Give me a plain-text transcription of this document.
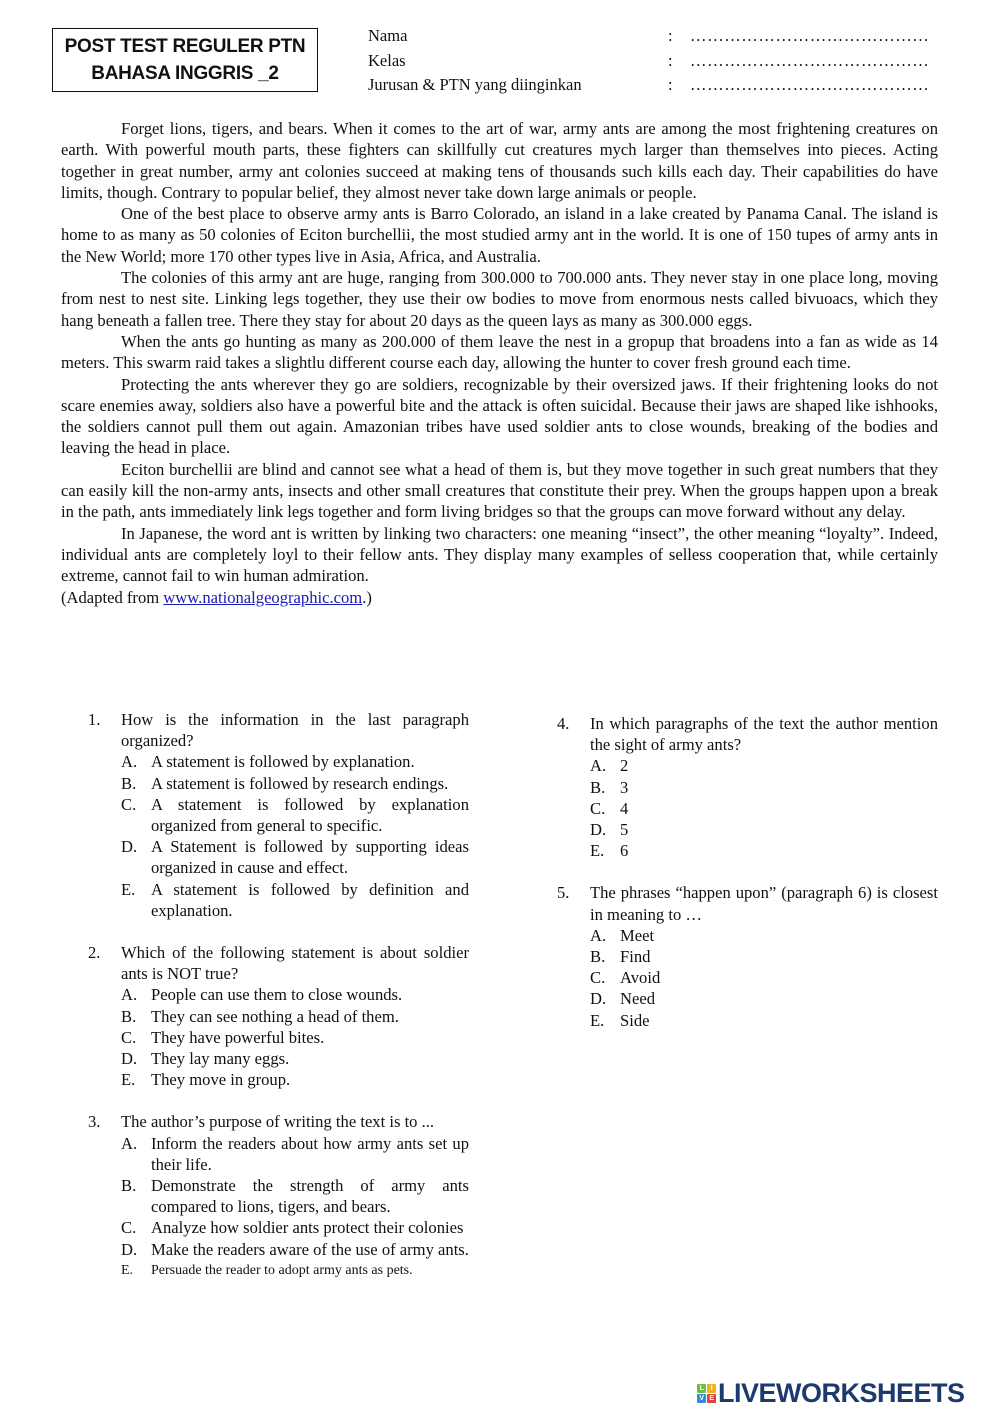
POST TEST REGULER PTN
BAHASA INGGRIS _2
Nama	: ……………………………………
Kelas	: ……………………………………
Jurusan & PTN yang diinginkan	: ……………………………………

Forget lions, tigers, and bears. When it comes to the art of war, army ants are among the most frightening creatures on earth. With powerful mouth parts, these fighters can skillfully cut creatures mych larger than themselves into pieces. Acting together in great number, army ant colonies succeed at making tens of thousands such kills each day. Their capabilities do have limits, though. Contrary to popular belief, they almost never take down large animals or people.

One of the best place to observe army ants is Barro Colorado, an island in a lake created by Panama Canal. The island is home to as many as 50 colonies of Eciton burchellii, the most studied army ant in the world. It is one of 150 tupes of army ants in the New World; more 170 other types live in Asia, Africa, and Australia.

The colonies of this army ant are huge, ranging from 300.000 to 700.000 ants. They never stay in one place long, moving from nest to nest site. Linking legs together, they use their ow bodies to move from enormous nests called bivuoacs, which they hang beneath a fallen tree. There they stay for about 20 days as the queen lays as many as 300.000 eggs.

When the ants go hunting as many as 200.000 of them leave the nest in a gropup that broadens into a fan as wide as 14 meters. This swarm raid takes a slightlu different course each day, allowing the hunter to cover fresh ground each time.

Protecting the ants wherever they go are soldiers, recognizable by their oversized jaws. If their frightening looks do not scare enemies away, soldiers also have a powerful bite and the attack is often suicidal. Because their jaws are shaped like ishhooks, the soldiers cannot pull them out again. Amazonian tribes have used soldier ants to close wounds, breaking of the bodies and leaving the head in place.

Eciton burchellii are blind and cannot see what a head of them is, but they move together in such great numbers that they can easily kill the non-army ants, insects and other small creatures that constitute their prey. When the groups happen upon a break in the path, ants immediately link legs together and form living bridges so that the groups can move forward without any delay.

In Japanese, the word ant is written by linking two characters: one meaning “insect”, the other meaning “loyalty”. Indeed, individual ants are completely loyl to their fellow ants. They display many examples of selless cooperation that, while certainly extreme, cannot fail to win human admiration.

(Adapted from www.nationalgeographic.com.)

1. How is the information in the last paragraph organized?
A. A statement is followed by explanation.
B. A statement is followed by research endings.
C. A statement is followed by explanation organized from general to specific.
D. A Statement is followed by supporting ideas organized in cause and effect.
E. A statement is followed by definition and explanation.
2. Which of the following statement is about soldier ants is NOT true?
A. People can use them to close wounds.
B. They can see nothing a head of them.
C. They have powerful bites.
D. They lay many eggs.
E. They move in group.
3. The author’s purpose of writing the text is to ...
A. Inform the readers about how army ants set up their life.
B. Demonstrate the strength of army ants compared to lions, tigers, and bears.
C. Analyze how soldier ants protect their colonies
D. Make the readers aware of the use of army ants.
E. Persuade the reader to adopt army ants as pets.
4. In which paragraphs of the text the author mention the sight of army ants?
A. 2
B. 3
C. 4
D. 5
E. 6
5. The phrases “happen upon” (paragraph 6) is closest in meaning to …
A. Meet
B. Find
C. Avoid
D. Need
E. Side
L	I
V E LIVEWORKSHEETS
